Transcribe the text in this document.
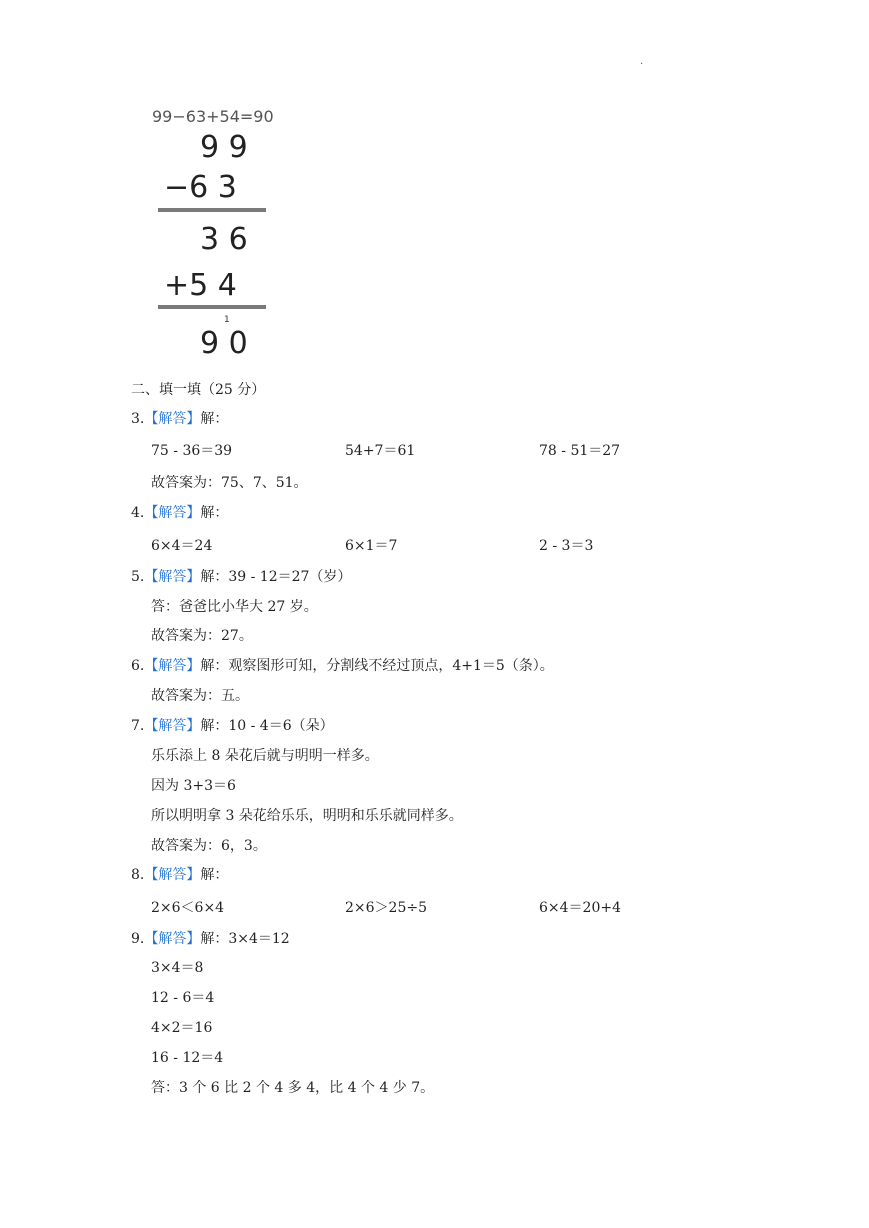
.
99−63+54=90
9 9
−6 3
3 6
+5 4
1
9 0
二、填一填（25 分）
3.【解答】解：
75 - 36＝39	54+7＝61	78 - 51＝27
故答案为：75、7、51。
4.【解答】解：
6×4＝24	6×1＝7	2 - 3＝3
5.【解答】解：39 - 12＝27（岁）
答：爸爸比小华大 27 岁。
故答案为：27。
6.【解答】解：观察图形可知，分割线不经过顶点，4+1＝5（条）。
故答案为：五。
7.【解答】解：10 - 4＝6（朵）
乐乐添上 8 朵花后就与明明一样多。
因为 3+3＝6
所以明明拿 3 朵花给乐乐，明明和乐乐就同样多。
故答案为：6，3。
8.【解答】解：
2×6＜6×4	2×6＞25÷5	6×4＝20+4
9.【解答】解：3×4＝12
3×4＝8
12 - 6＝4
4×2＝16
16 - 12＝4
答：3 个 6 比 2 个 4 多 4，比 4 个 4 少 7。
